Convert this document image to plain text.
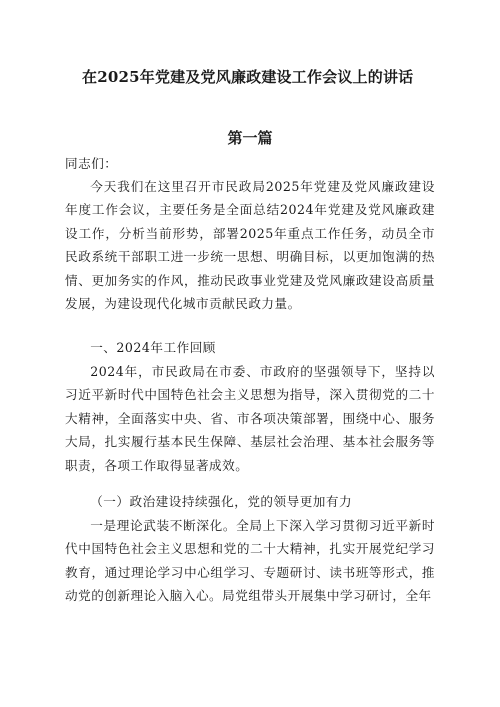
在2025年党建及党风廉政建设工作会议上的讲话
第一篇
同志们：
今天我们在这里召开市民政局2025年党建及党风廉政建设年度工作会议，主要任务是全面总结2024年党建及党风廉政建设工作，分析当前形势，部署2025年重点工作任务，动员全市民政系统干部职工进一步统一思想、明确目标，以更加饱满的热情、更加务实的作风，推动民政事业党建及党风廉政建设高质量发展，为建设现代化城市贡献民政力量。
一、2024年工作回顾
2024年，市民政局在市委、市政府的坚强领导下，坚持以习近平新时代中国特色社会主义思想为指导，深入贯彻党的二十大精神，全面落实中央、省、市各项决策部署，围绕中心、服务大局，扎实履行基本民生保障、基层社会治理、基本社会服务等职责，各项工作取得显著成效。
（一）政治建设持续强化，党的领导更加有力
一是理论武装不断深化。全局上下深入学习贯彻习近平新时代中国特色社会主义思想和党的二十大精神，扎实开展党纪学习教育，通过理论学习中心组学习、专题研讨、读书班等形式，推动党的创新理论入脑入心。局党组带头开展集中学习研讨，全年
